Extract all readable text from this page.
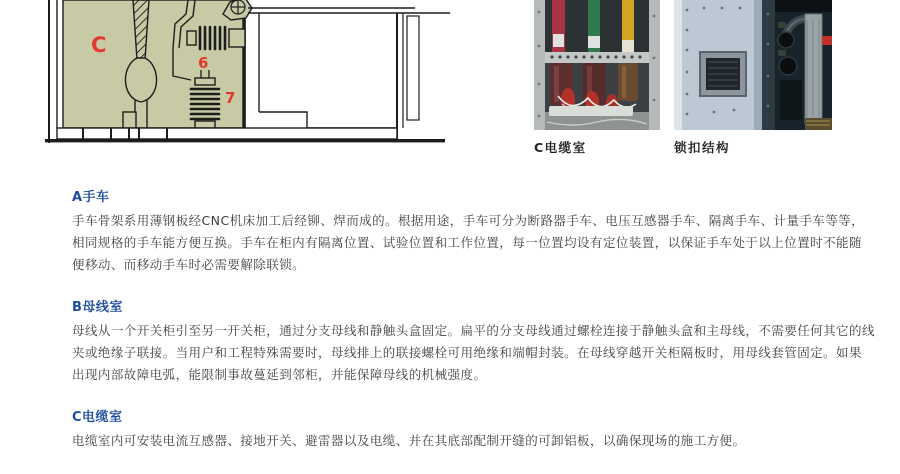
C
6
7
C电缆室	锁扣结构
A手车
手车骨架系用薄钢板经CNC机床加工后经铆、焊而成的。根据用途，手车可分为断路器手车、电压互感器手车、隔离手车、计量手车等等，
相同规格的手车能方便互换。手车在柜内有隔离位置、试验位置和工作位置，每一位置均设有定位装置，以保证手车处于以上位置时不能随
便移动、而移动手车时必需要解除联锁。
B母线室
母线从一个开关柜引至另一开关柜，通过分支母线和静触头盒固定。扁平的分支母线通过螺栓连接于静触头盒和主母线，不需要任何其它的线
夹或绝缘子联接。当用户和工程特殊需要时，母线排上的联接螺栓可用绝缘和端帽封装。在母线穿越开关柜隔板时，用母线套管固定。如果
出现内部故障电弧，能限制事故蔓延到邻柜，并能保障母线的机械强度。
C电缆室
电缆室内可安装电流互感器、接地开关、避雷器以及电缆、并在其底部配制开缝的可卸铝板，以确保现场的施工方便。
